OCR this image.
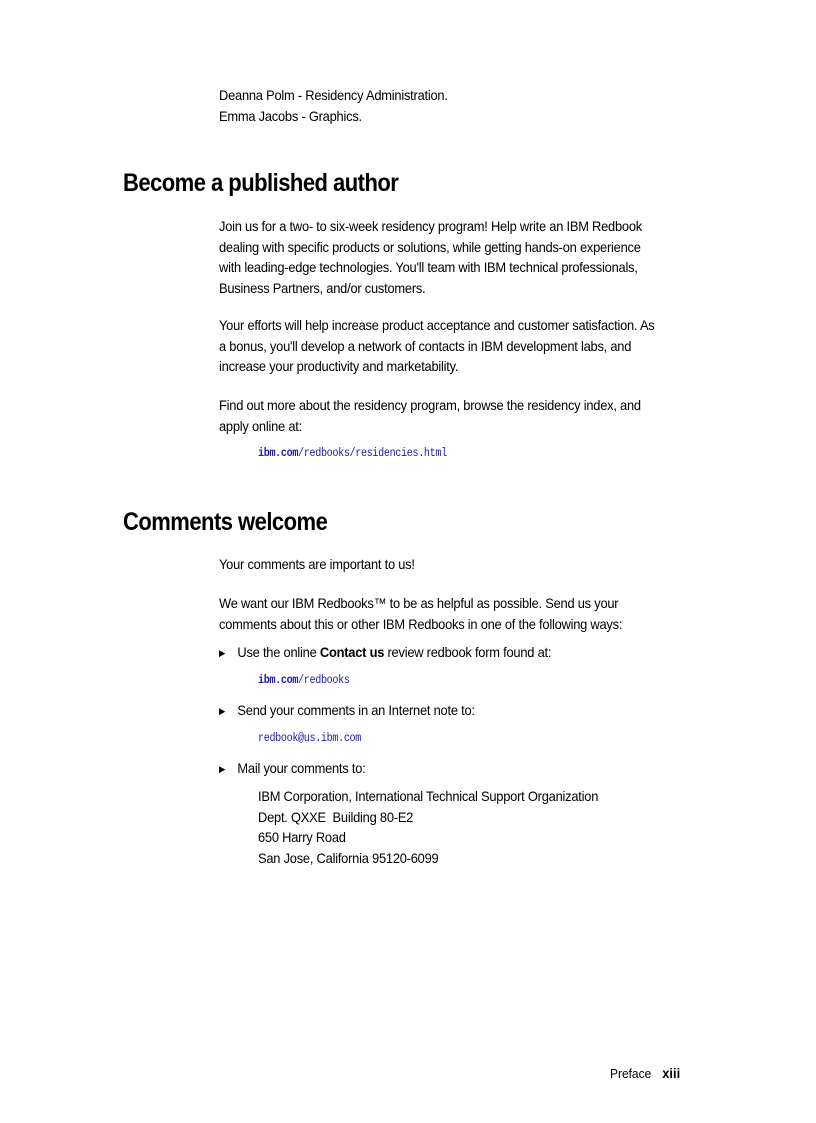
Deanna Polm - Residency Administration.

Emma Jacobs - Graphics.

Become a published author

Join us for a two- to six-week residency program! Help write an IBM Redbook dealing with specific products or solutions, while getting hands-on experience with leading-edge technologies. You'll team with IBM technical professionals, Business Partners, and/or customers.

Your efforts will help increase product acceptance and customer satisfaction. As a bonus, you'll develop a network of contacts in IBM development labs, and increase your productivity and marketability.

Find out more about the residency program, browse the residency index, and apply online at:

ibm.com/redbooks/residencies.html
Comments welcome

Your comments are important to us!

We want our IBM Redbooks™ to be as helpful as possible. Send us your comments about this or other IBM Redbooks in one of the following ways:

▶ Use the online Contact us review redbook form found at:
ibm.com/redbooks
▶ Send your comments in an Internet note to:
redbook@us.ibm.com
▶ Mail your comments to:
IBM Corporation, International Technical Support Organization
Dept. QXXE  Building 80-E2
650 Harry Road
San Jose, California 95120-6099
Preface xiii
